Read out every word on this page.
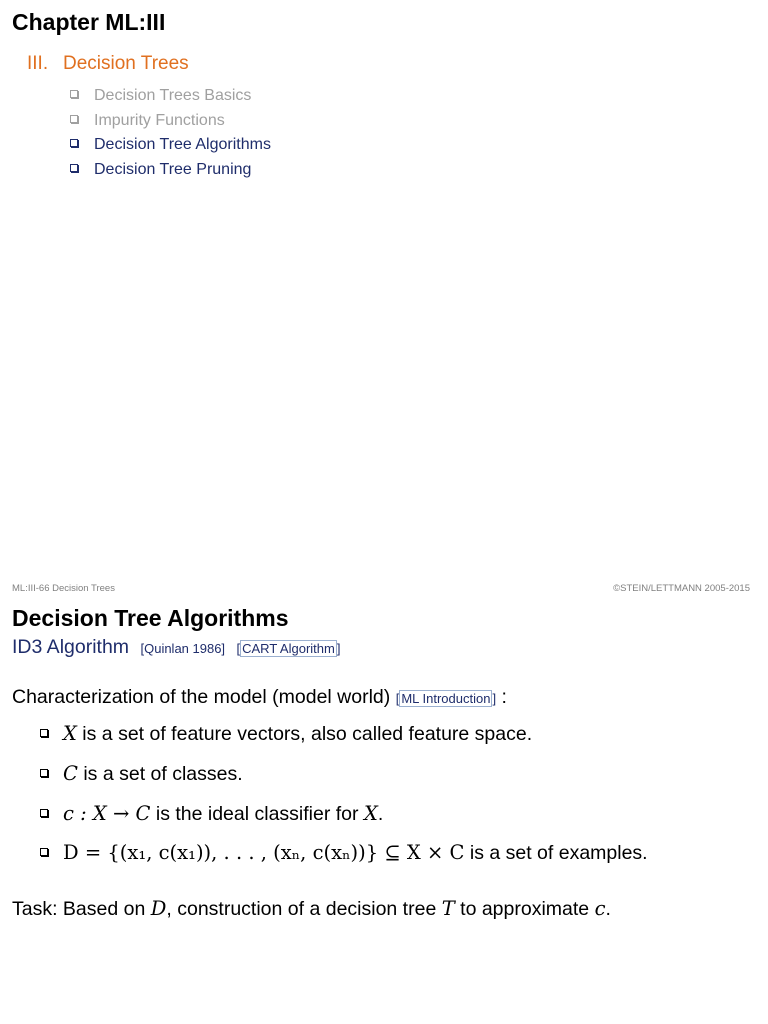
Chapter ML:III
III. Decision Trees
Decision Trees Basics
Impurity Functions
Decision Tree Algorithms
Decision Tree Pruning
ML:III-66 Decision Trees	©STEIN/LETTMANN 2005-2015
Decision Tree Algorithms
ID3 Algorithm [Quinlan 1986] [ CART Algorithm ]
Characterization of the model (model world) [ ML Introduction ] :
X is a set of feature vectors, also called feature space.
C is a set of classes.
c : X → C is the ideal classifier for X.
D = {(x₁, c(x₁)), . . . , (xₙ, c(xₙ))} ⊆ X × C is a set of examples.
Task: Based on D, construction of a decision tree T to approximate c.
